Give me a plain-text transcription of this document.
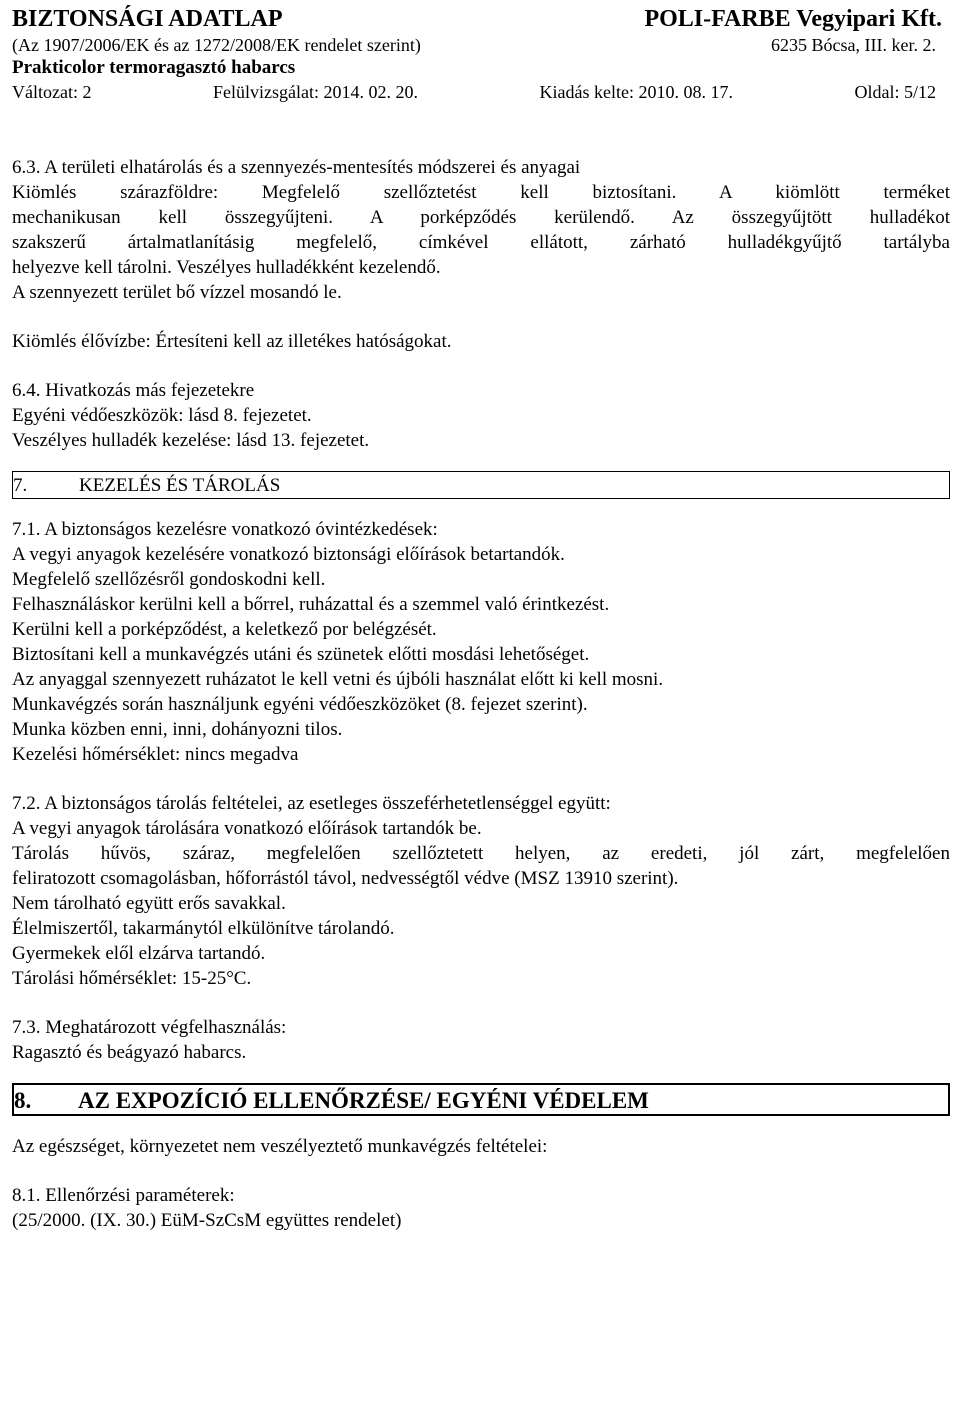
BIZTONSÁGI ADATLAP	POLI-FARBE Vegyipari Kft.
(Az 1907/2006/EK és az 1272/2008/EK rendelet szerint)	6235 Bócsa, III. ker. 2.
Prakticolor termoragasztó habarcs
Változat: 2	Felülvizsgálat: 2014. 02. 20.	Kiadás kelte: 2010. 08. 17.	Oldal: 5/12

6.3. A területi elhatárolás és a szennyezés-mentesítés módszerei és anyagai

Kiömlés szárazföldre: Megfelelő szellőztetést kell biztosítani. A kiömlött terméket

mechanikusan kell összegyűjteni. A porképződés kerülendő. Az összegyűjtött hulladékot

szakszerű ártalmatlanításig megfelelő, címkével ellátott, zárható hulladékgyűjtő tartályba

helyezve kell tárolni. Veszélyes hulladékként kezelendő.

A szennyezett terület bő vízzel mosandó le.

Kiömlés élővízbe: Értesíteni kell az illetékes hatóságokat.

6.4. Hivatkozás más fejezetekre

Egyéni védőeszközök: lásd 8. fejezetet.

Veszélyes hulladék kezelése: lásd 13. fejezetet.

7.	KEZELÉS ÉS TÁROLÁS

7.1. A biztonságos kezelésre vonatkozó óvintézkedések:

A vegyi anyagok kezelésére vonatkozó biztonsági előírások betartandók.

Megfelelő szellőzésről gondoskodni kell.

Felhasználáskor kerülni kell a bőrrel, ruházattal és a szemmel való érintkezést.

Kerülni kell a porképződést, a keletkező por belégzését.

Biztosítani kell a munkavégzés utáni és szünetek előtti mosdási lehetőséget.

Az anyaggal szennyezett ruházatot le kell vetni és újbóli használat előtt ki kell mosni.

Munkavégzés során használjunk egyéni védőeszközöket (8. fejezet szerint).

Munka közben enni, inni, dohányozni tilos.

Kezelési hőmérséklet: nincs megadva

7.2. A biztonságos tárolás feltételei, az esetleges összeférhetetlenséggel együtt:

A vegyi anyagok tárolására vonatkozó előírások tartandók be.

Tárolás hűvös, száraz, megfelelően szellőztetett helyen, az eredeti, jól zárt, megfelelően

feliratozott csomagolásban, hőforrástól távol, nedvességtől védve (MSZ 13910 szerint).

Nem tárolható együtt erős savakkal.

Élelmiszertől, takarmánytól elkülönítve tárolandó.

Gyermekek elől elzárva tartandó.

Tárolási hőmérséklet: 15-25°C.

7.3. Meghatározott végfelhasználás:

Ragasztó és beágyazó habarcs.

8. AZ EXPOZÍCIÓ ELLENŐRZÉSE/ EGYÉNI VÉDELEM

Az egészséget, környezetet nem veszélyeztető munkavégzés feltételei:

8.1. Ellenőrzési paraméterek:

(25/2000. (IX. 30.) EüM-SzCsM együttes rendelet)
